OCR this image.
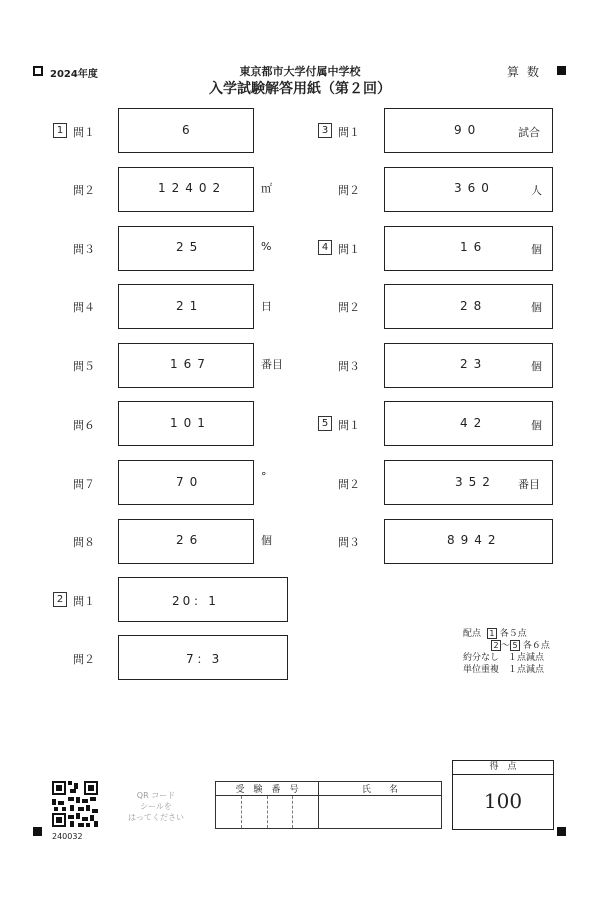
2024年度	東京都市大学付属中学校
入学試験解答用紙（第２回）
算数
1 問１	6
問２	12402	㎡
問３	25	%
問４	21	日
問５	167	番目
問６	101
問７	70	°
問８	26	個
2 問１	20：1
問２	7：3
3 問１	90	試合
問２	360	人
4 問１	16	個
問２	28	個
問３	23	個
5 問１	42	個
問２	352 番目
問３	8942
配点 1 各５点
2 ～ 5 各６点
約分なし　１点減点
単位重複　１点減点
240032
QR コード
シールを
はってください
受　験　番　号				氏　　名

得　点
100
